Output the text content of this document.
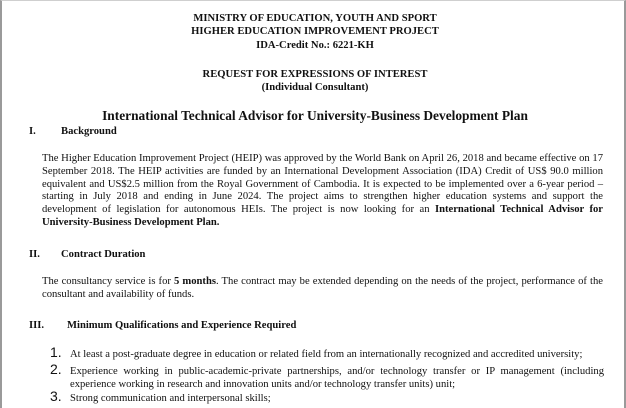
MINISTRY OF EDUCATION, YOUTH AND SPORT
HIGHER EDUCATION IMPROVEMENT PROJECT
IDA-Credit No.: 6221-KH
REQUEST FOR EXPRESSIONS OF INTEREST
(Individual Consultant)
International Technical Advisor for University-Business Development Plan
I. Background
The Higher Education Improvement Project (HEIP) was approved by the World Bank on April 26, 2018 and became effective on 17 September 2018. The HEIP activities are funded by an International Development Association (IDA) Credit of US$ 90.0 million equivalent and US$2.5 million from the Royal Government of Cambodia. It is expected to be implemented over a 6-year period – starting in July 2018 and ending in June 2024. The project aims to strengthen higher education systems and support the development of legislation for autonomous HEIs. The project is now looking for an International Technical Advisor for University-Business Development Plan.
II. Contract Duration
The consultancy service is for 5 months. The contract may be extended depending on the needs of the project, performance of the consultant and availability of funds.
III. Minimum Qualifications and Experience Required
1. At least a post-graduate degree in education or related field from an internationally recognized and accredited university;
2. Experience working in public-academic-private partnerships, and/or technology transfer or IP management (including experience working in research and innovation units and/or technology transfer units) unit;
3. Strong communication and interpersonal skills;
